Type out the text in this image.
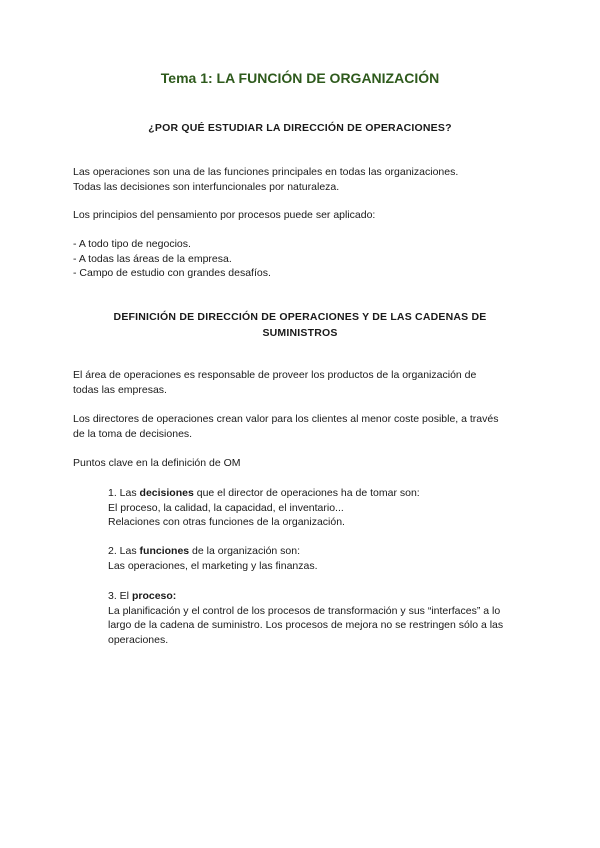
Tema 1: LA FUNCIÓN DE ORGANIZACIÓN
¿POR QUÉ ESTUDIAR LA DIRECCIÓN DE OPERACIONES?
Las operaciones son una de las funciones principales en todas las organizaciones.
Todas las decisiones son interfuncionales por naturaleza.
Los principios del pensamiento por procesos puede ser aplicado:
- A todo tipo de negocios.
- A todas las áreas de la empresa.
- Campo de estudio con grandes desafíos.
DEFINICIÓN DE DIRECCIÓN DE OPERACIONES Y DE LAS CADENAS DE
SUMINISTROS
El área de operaciones es responsable de proveer los productos de la organización de
todas las empresas.
Los directores de operaciones crean valor para los clientes al menor coste posible, a través
de la toma de decisiones.
Puntos clave en la definición de OM
1. Las decisiones que el director de operaciones ha de tomar son:
El proceso, la calidad, la capacidad, el inventario...
Relaciones con otras funciones de la organización.
2. Las funciones de la organización son:
Las operaciones, el marketing y las finanzas.
3. El proceso:
La planificación y el control de los procesos de transformación y sus “interfaces” a lo
largo de la cadena de suministro. Los procesos de mejora no se restringen sólo a las
operaciones.
